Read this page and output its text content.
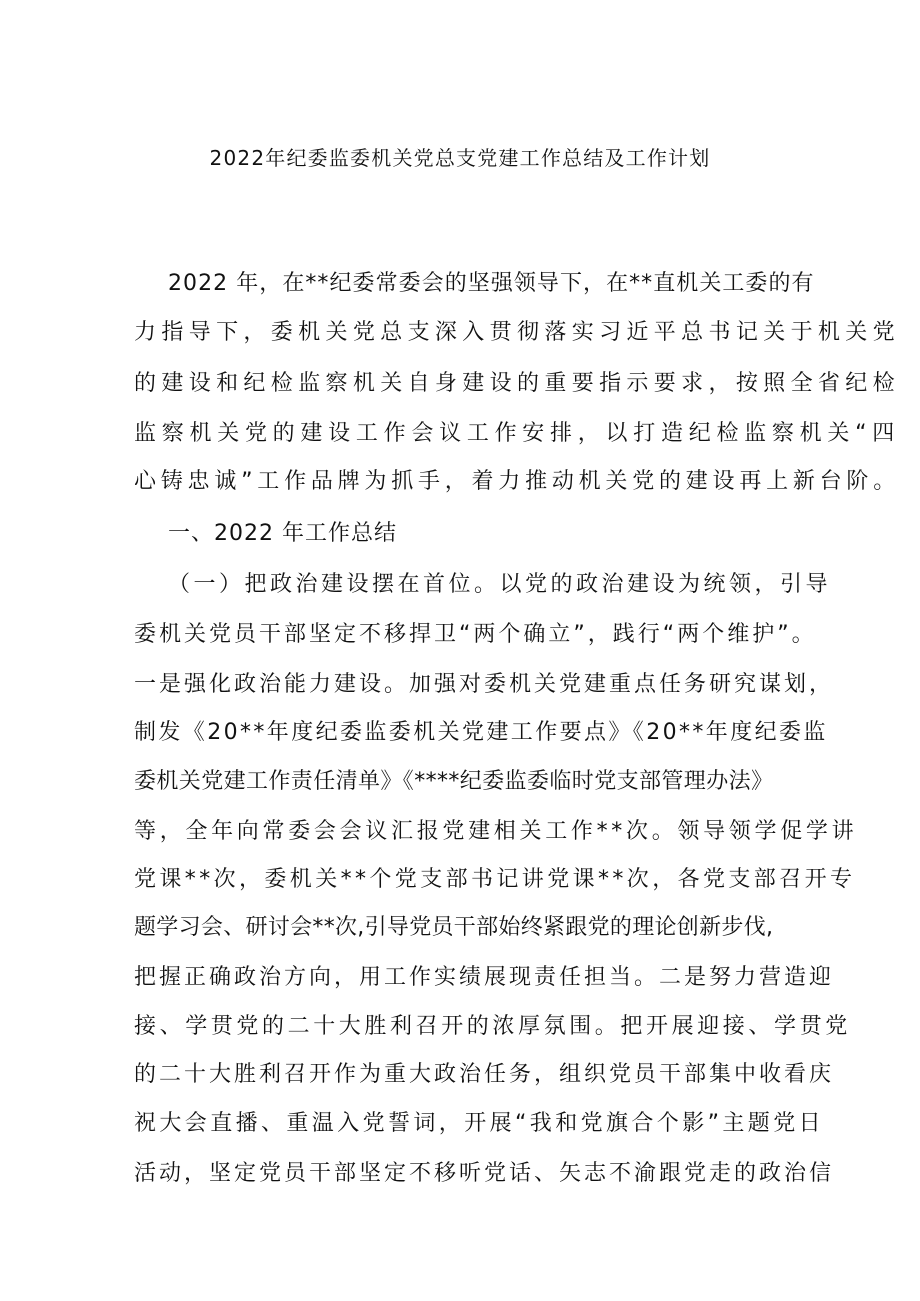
2022年纪委监委机关党总支党建工作总结及工作计划
2022 年，在**纪委常委会的坚强领导下，在**直机关工委的有
力指导下，委机关党总支深入贯彻落实习近平总书记关于机关党
的建设和纪检监察机关自身建设的重要指示要求，按照全省纪检
监察机关党的建设工作会议工作安排，以打造纪检监察机关“四
心铸忠诚”工作品牌为抓手，着力推动机关党的建设再上新台阶。
一、2022 年工作总结
（一）把政治建设摆在首位。以党的政治建设为统领，引导
委机关党员干部坚定不移捍卫“两个确立”，践行“两个维护”。
一是强化政治能力建设。加强对委机关党建重点任务研究谋划，
制发《20**年度纪委监委机关党建工作要点》《20**年度纪委监
委机关党建工作责任清单》《****纪委监委临时党支部管理办法》
等，全年向常委会会议汇报党建相关工作**次。领导领学促学讲
党课**次，委机关**个党支部书记讲党课**次，各党支部召开专
题学习会、研讨会**次,引导党员干部始终紧跟党的理论创新步伐,
把握正确政治方向，用工作实绩展现责任担当。二是努力营造迎
接、学贯党的二十大胜利召开的浓厚氛围。把开展迎接、学贯党
的二十大胜利召开作为重大政治任务，组织党员干部集中收看庆
祝大会直播、重温入党誓词，开展“我和党旗合个影”主题党日
活动，坚定党员干部坚定不移听党话、矢志不渝跟党走的政治信
